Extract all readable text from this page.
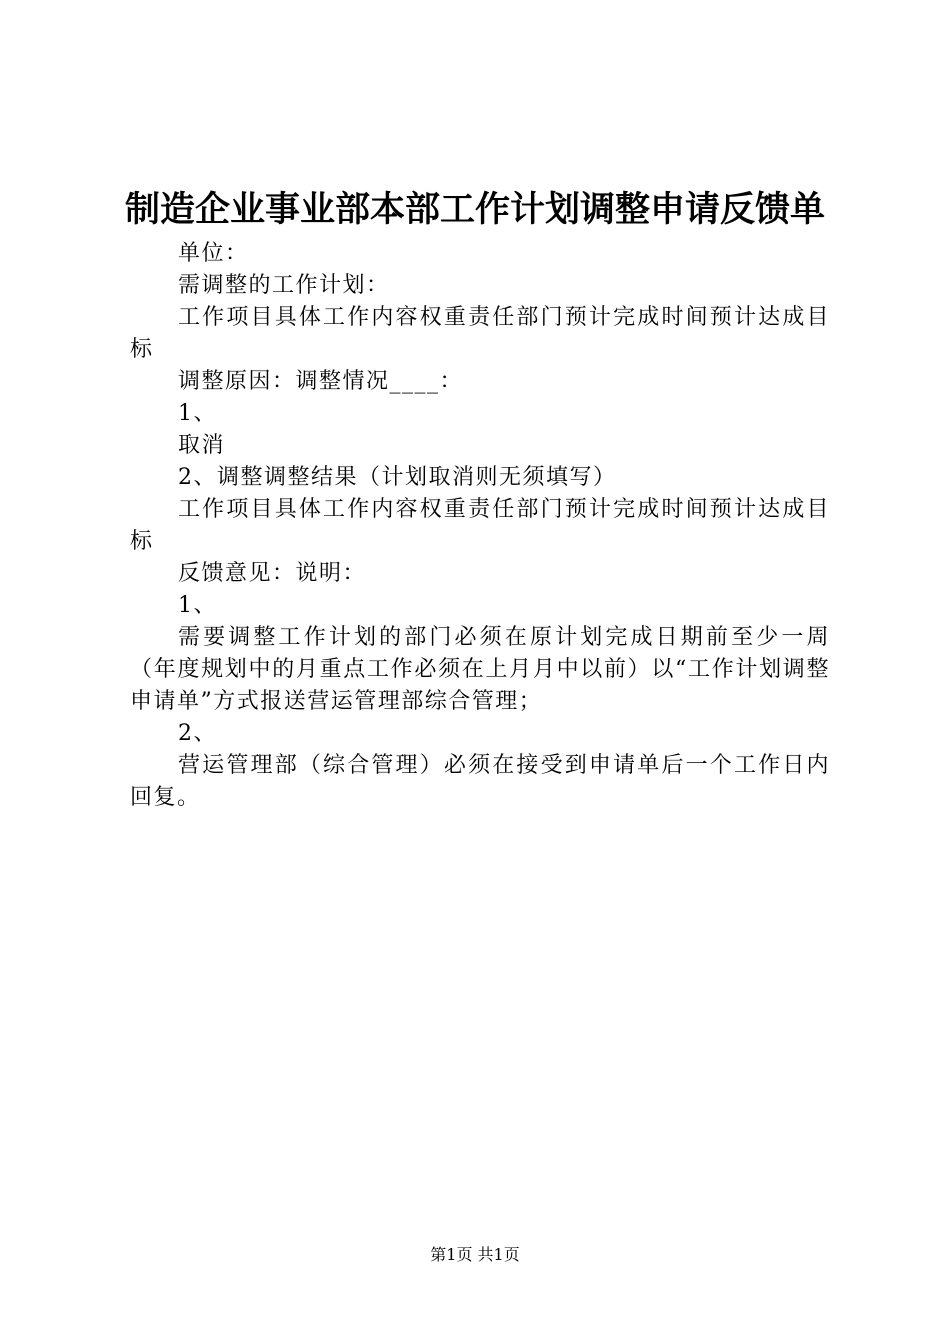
制造企业事业部本部工作计划调整申请反馈单

单位：

需调整的工作计划：

工作项目具体工作内容权重责任部门预计完成时间预计达成目标

调整原因：调整情况____：

1、

取消

2、调整调整结果（计划取消则无须填写）

工作项目具体工作内容权重责任部门预计完成时间预计达成目标

反馈意见：说明：

1、

需要调整工作计划的部门必须在原计划完成日期前至少一周（年度规划中的月重点工作必须在上月月中以前）以“工作计划调整申请单”方式报送营运管理部综合管理；

2、

营运管理部（综合管理）必须在接受到申请单后一个工作日内回复。

第1页 共1页
